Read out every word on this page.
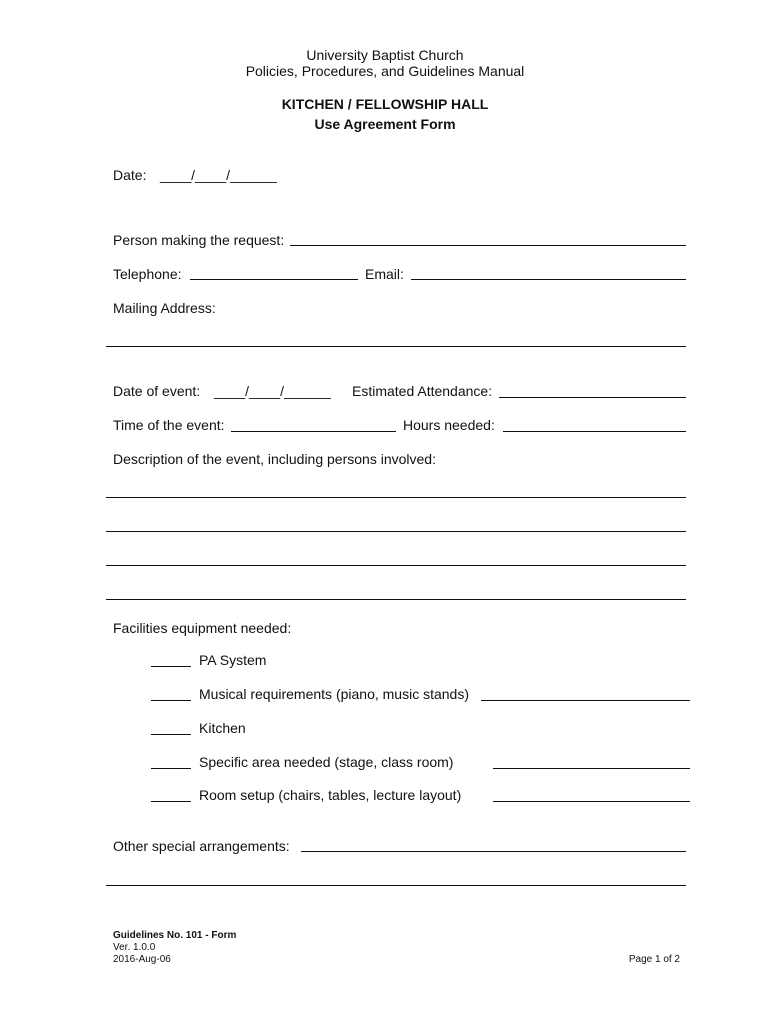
University Baptist Church
Policies, Procedures, and Guidelines Manual
KITCHEN / FELLOWSHIP HALL
Use Agreement Form
Date: ____/____/______
Person making the request:
Telephone:	Email:
Mailing Address:
Date of event: ____/____/______ Estimated Attendance:
Time of the event:	Hours needed:
Description of the event, including persons involved:
Facilities equipment needed:
PA System
Musical requirements (piano, music stands)
Kitchen
Specific area needed (stage, class room)
Room setup (chairs, tables, lecture layout)
Other special arrangements:
Guidelines No. 101 - Form
Ver. 1.0.0
2016-Aug-06	Page 1 of 2
